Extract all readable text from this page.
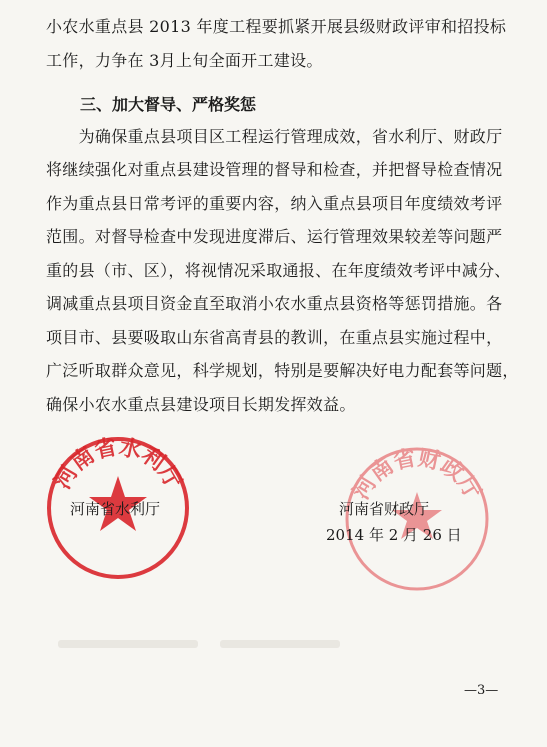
小农水重点县 2013 年度工程要抓紧开展县级财政评审和招投标
工作，力争在 3月上旬全面开工建设。
三、加大督导、严格奖惩
　　为确保重点县项目区工程运行管理成效，省水利厅、财政厅
将继续强化对重点县建设管理的督导和检查，并把督导检查情况
作为重点县日常考评的重要内容，纳入重点县项目年度绩效考评
范围。对督导检查中发现进度滞后、运行管理效果较差等问题严
重的县（市、区），将视情况采取通报、在年度绩效考评中减分、
调减重点县项目资金直至取消小农水重点县资格等惩罚措施。各
项目市、县要吸取山东省高青县的教训，在重点县实施过程中，
广泛听取群众意见，科学规划，特别是要解决好电力配套等问题，
确保小农水重点县建设项目长期发挥效益。
河南省水利厅
河南省水利厅
河南省财政厅
河南省财政厅
2014 年 2 月 26 日
—3—
